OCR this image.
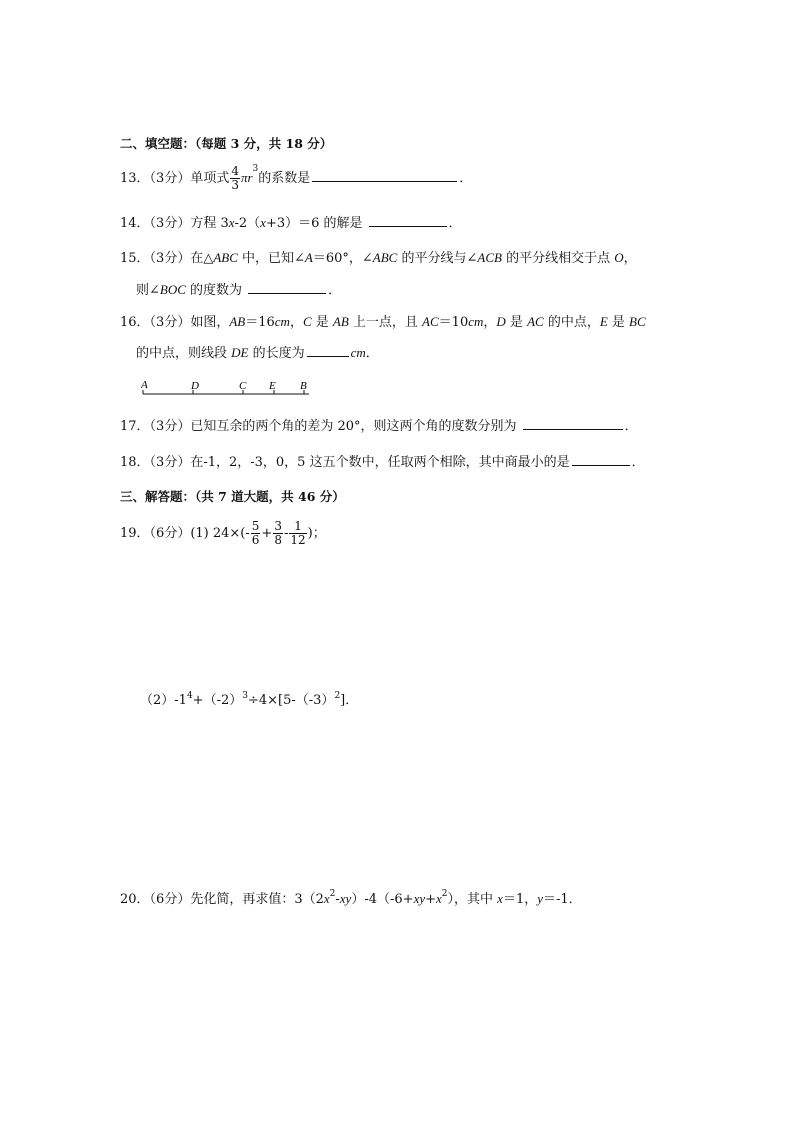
二、填空题：（每题 3 分，共 18 分）
13．（3分）单项式 $\frac{4}{3} \pi r^3$的系数是	．
14．（3分）方程 3x-2（x+3）＝6 的解是	．
15．（3分）在△ABC 中，已知∠A＝60°，∠ABC 的平分线与∠ACB 的平分线相交于点 O，
则∠BOC 的度数为	．
16．（3分）如图，AB＝16cm，C 是 AB 上一点，且 AC＝10cm，D 是 AC 的中点，E 是 BC
的中点，则线段 DE 的长度为	cm．
A	D	C E B
17．（3分）已知互余的两个角的差为 20°，则这两个角的度数分别为	．
18．（3分）在-1，2，-3，0，5 这五个数中，任取两个相除，其中商最小的是	．
三、解答题：（共 7 道大题，共 46 分）
19．（6分）(1) $24\times(- \frac{5}{6} + \frac{3}{8} - \frac{1}{12}$ )；
$(2)-1^4+(-2)^3\div 4\times[5-(-3)^2]$．
20．（6分）先化简，再求值：$3(2x^2-xy)-4(-6+xy+x^2)$，其中 x＝1，y＝-1．
